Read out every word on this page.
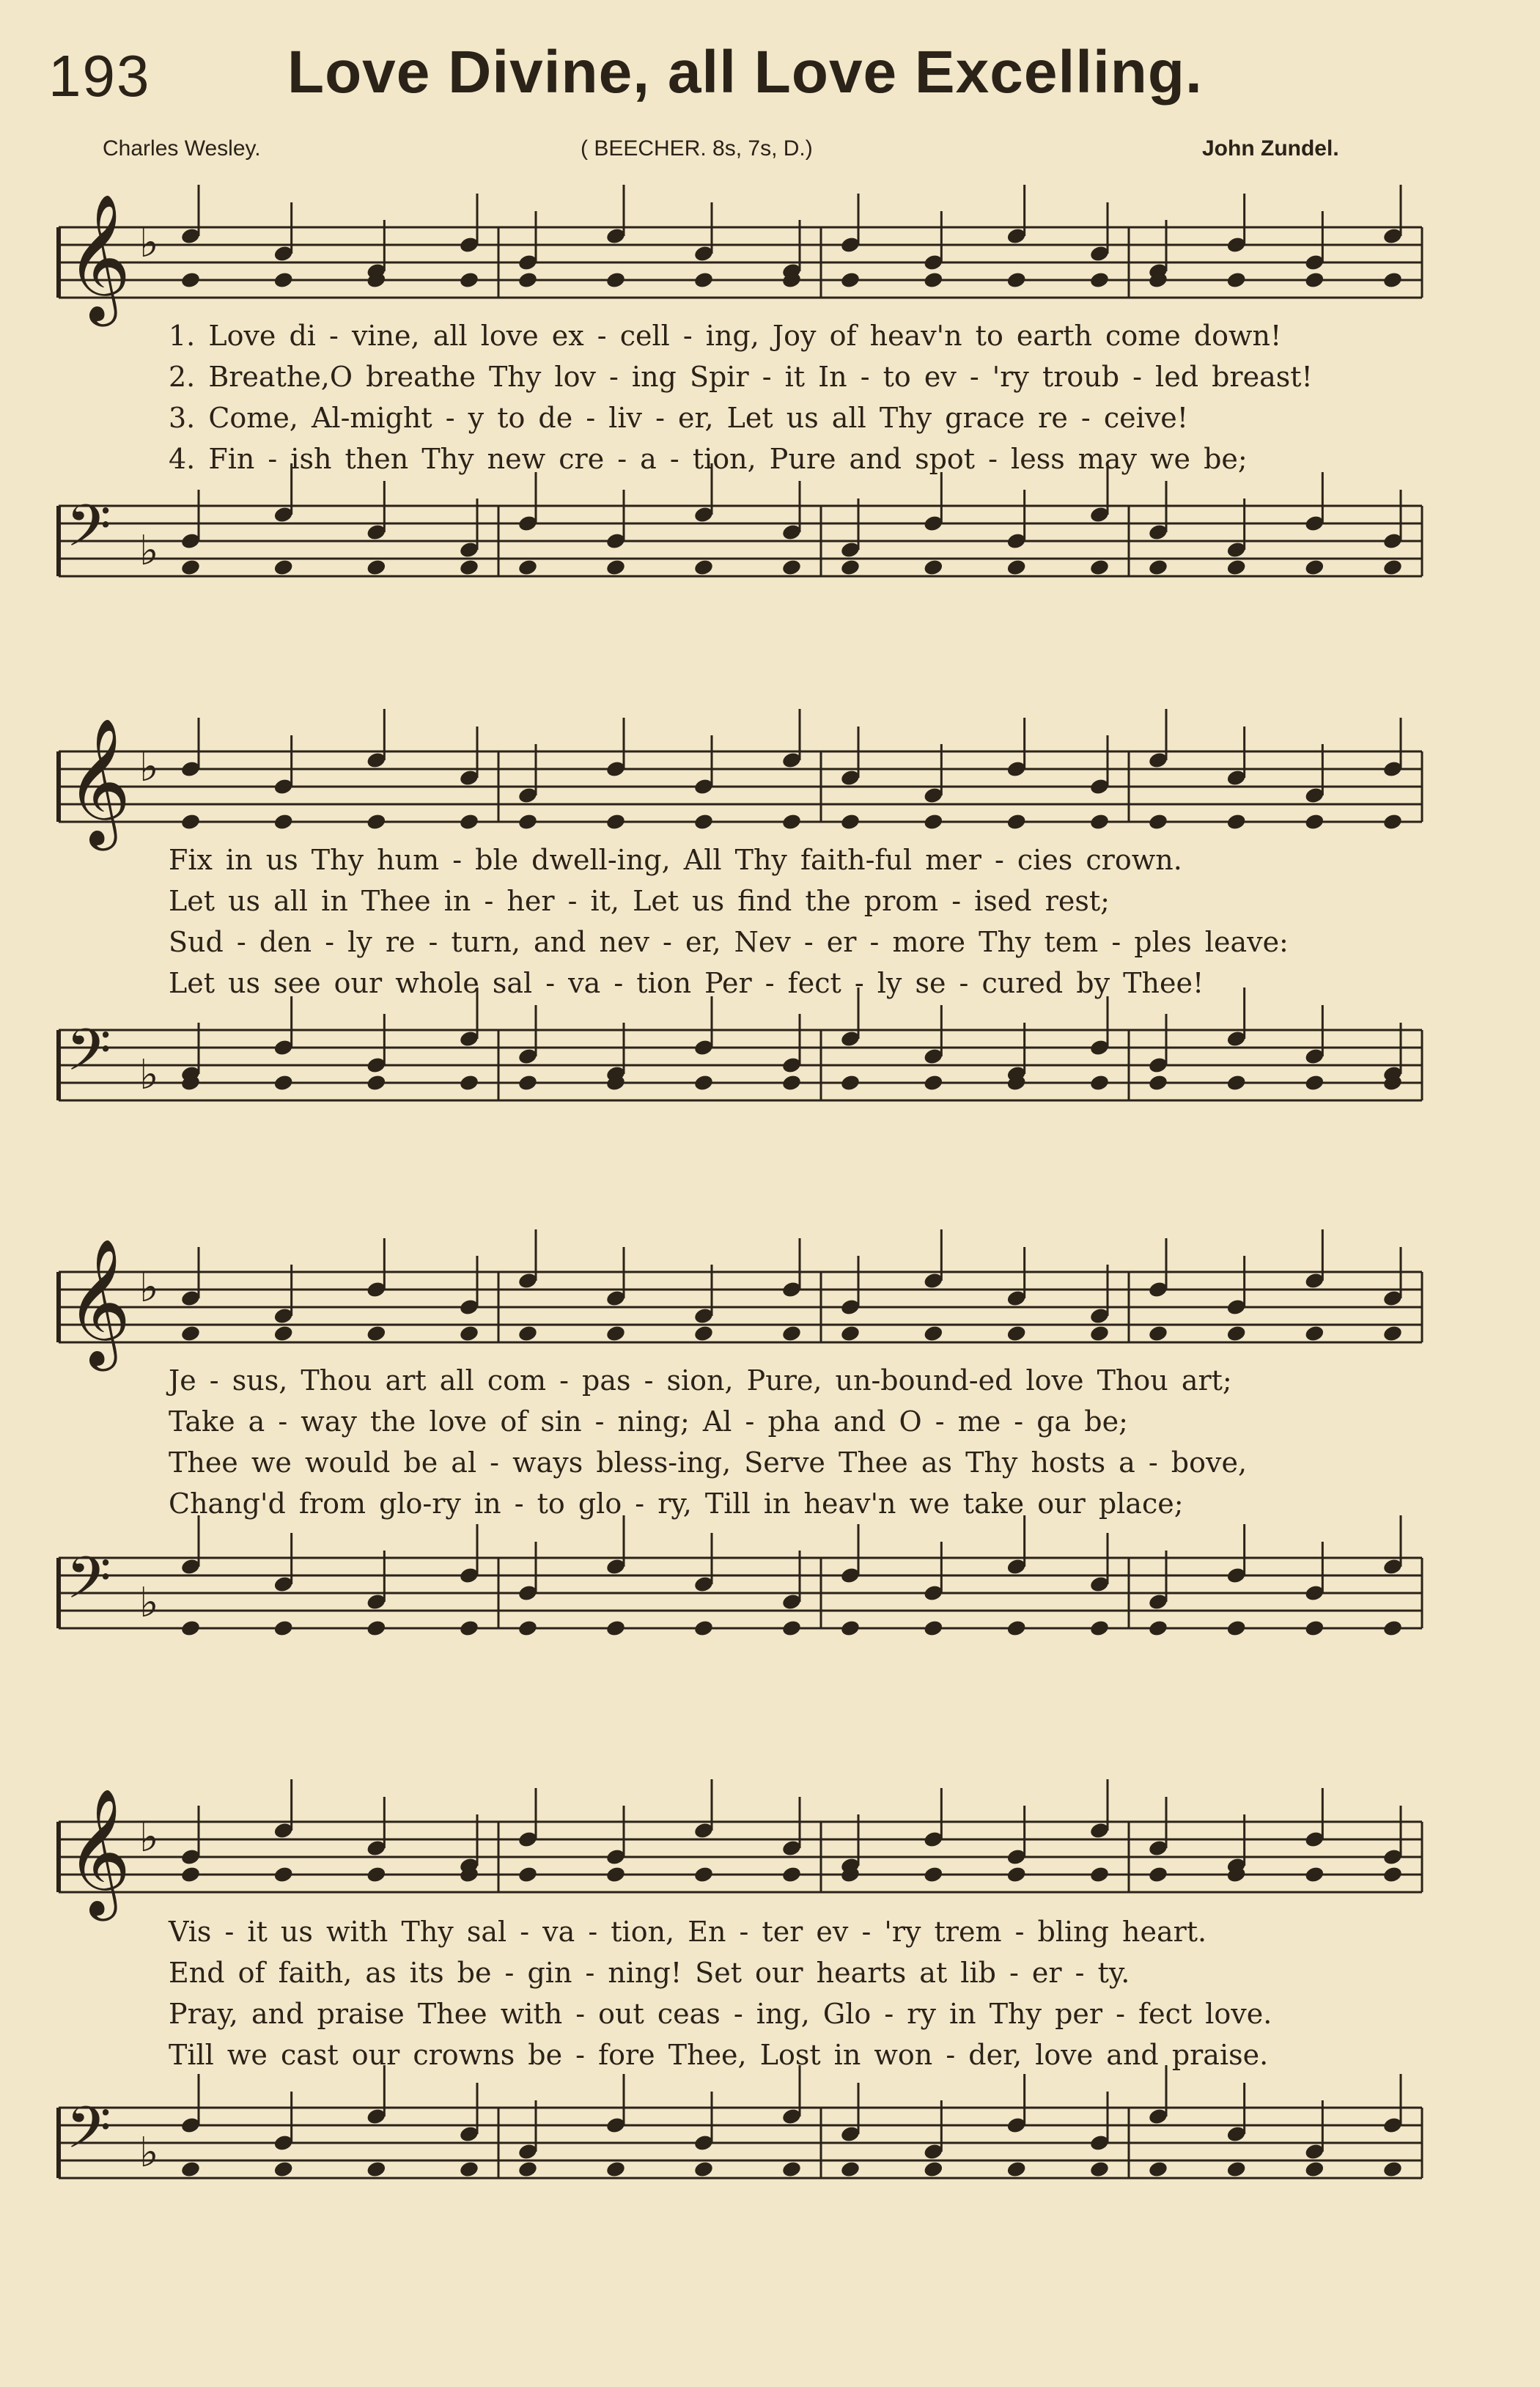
193 Love Divine, all Love Excelling.
Charles Wesley.	( BEECHER. 8s, 7s, D.)	John Zundel.
𝄞 ♭
1. Love di - vine, all love ex - cell - ing, Joy of heav'n to earth come down!
2. Breathe,O breathe Thy lov - ing Spir - it In - to ev - 'ry troub - led breast!
3. Come, Al-might - y to de - liv - er, Let us all Thy grace re - ceive!
4. Fin - ish then Thy new cre - a - tion, Pure and spot - less may we be;
𝄢 ♭
𝄞 ♭
Fix in us Thy hum - ble dwell-ing, All Thy faith-ful mer - cies crown.
Let us all in Thee in - her - it, Let us find the prom - ised rest;
Sud - den - ly re - turn, and nev - er, Nev - er - more Thy tem - ples leave:
Let us see our whole sal - va - tion Per - fect - ly se - cured by Thee!
𝄢 ♭
𝄞 ♭
Je - sus, Thou art all com - pas - sion, Pure, un-bound-ed love Thou art;
Take a - way the love of sin - ning; Al - pha and O - me - ga be;
Thee we would be al - ways bless-ing, Serve Thee as Thy hosts a - bove,
Chang'd from glo-ry in - to glo - ry, Till in heav'n we take our place;
𝄢 ♭
𝄞 ♭
Vis - it us with Thy sal - va - tion, En - ter ev - 'ry trem - bling heart.
End of faith, as its be - gin - ning! Set our hearts at lib - er - ty.
Pray, and praise Thee with - out ceas - ing, Glo - ry in Thy per - fect love.
Till we cast our crowns be - fore Thee, Lost in won - der, love and praise.
𝄢 ♭
